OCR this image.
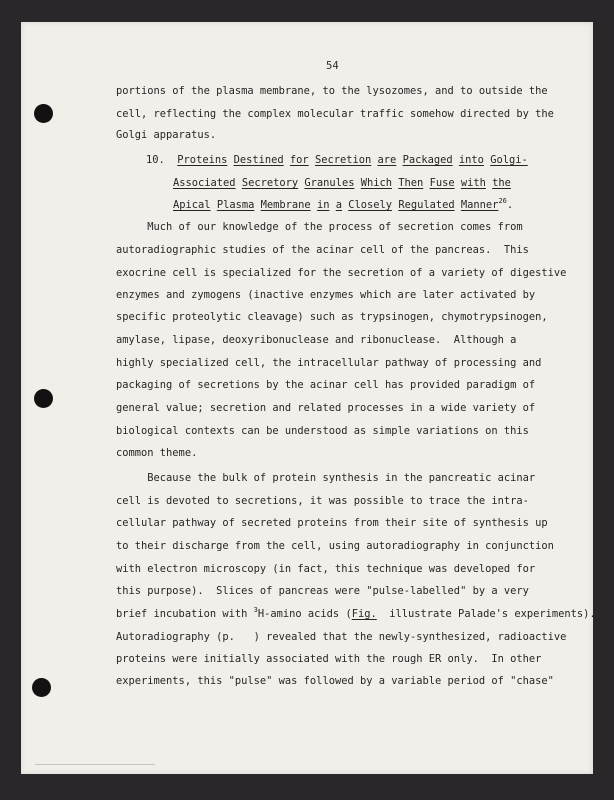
54

portions of the plasma membrane, to the lysozomes, and to outside the

cell, reflecting the complex molecular traffic somehow directed by the

Golgi apparatus.

10. Proteins Destined for Secretion are Packaged into Golgi-

Associated Secretory Granules Which Then Fuse with the

Apical Plasma Membrane in a Closely Regulated Manner$^{26}$.

Much of our knowledge of the process of secretion comes from

autoradiographic studies of the acinar cell of the pancreas.  This

exocrine cell is specialized for the secretion of a variety of digestive

enzymes and zymogens (inactive enzymes which are later activated by

specific proteolytic cleavage) such as trypsinogen, chymotrypsinogen,

amylase, lipase, deoxyribonuclease and ribonuclease.  Although a

highly specialized cell, the intracellular pathway of processing and

packaging of secretions by the acinar cell has provided paradigm of

general value; secretion and related processes in a wide variety of

biological contexts can be understood as simple variations on this

common theme.

Because the bulk of protein synthesis in the pancreatic acinar

cell is devoted to secretions, it was possible to trace the intra-

cellular pathway of secreted proteins from their site of synthesis up

to their discharge from the cell, using autoradiography in conjunction

with electron microscopy (in fact, this technique was developed for

this purpose).  Slices of pancreas were "pulse-labelled" by a very

brief incubation with $^3$H-amino acids (Fig.  illustrate Palade's experiments).

Autoradiography (p.   ) revealed that the newly-synthesized, radioactive

proteins were initially associated with the rough ER only.  In other

experiments, this "pulse" was followed by a variable period of "chase"
